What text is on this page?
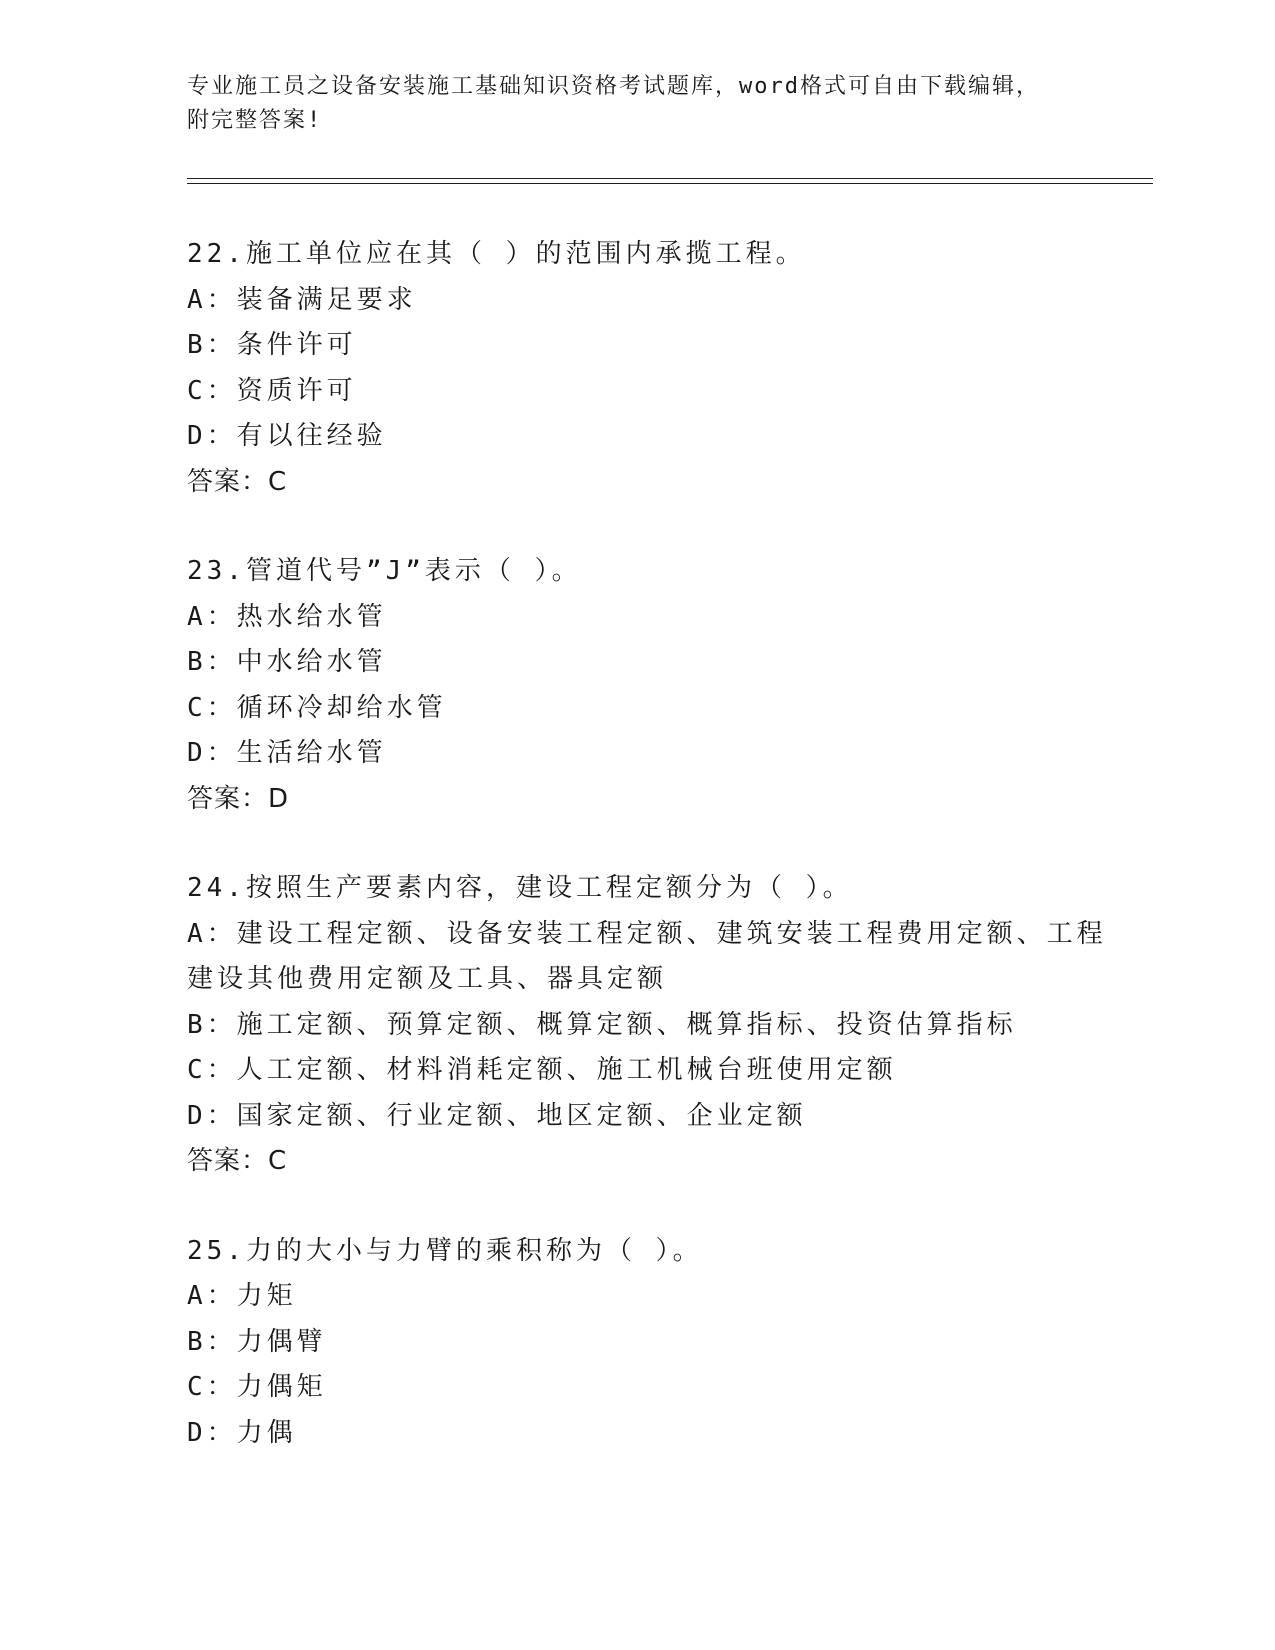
专业施工员之设备安装施工基础知识资格考试题库，word格式可自由下载编辑，
附完整答案!
22.施工单位应在其（ ）的范围内承揽工程。
A：装备满足要求
B：条件许可
C：资质许可
D：有以往经验
答案：C
23.管道代号”J”表示（ ）。
A：热水给水管
B：中水给水管
C：循环冷却给水管
D：生活给水管
答案：D
24.按照生产要素内容，建设工程定额分为（ ）。
A：建设工程定额、设备安装工程定额、建筑安装工程费用定额、工程建设其他费用定额及工具、器具定额
B：施工定额、预算定额、概算定额、概算指标、投资估算指标
C：人工定额、材料消耗定额、施工机械台班使用定额
D：国家定额、行业定额、地区定额、企业定额
答案：C
25.力的大小与力臂的乘积称为（ ）。
A：力矩
B：力偶臂
C：力偶矩
D：力偶
